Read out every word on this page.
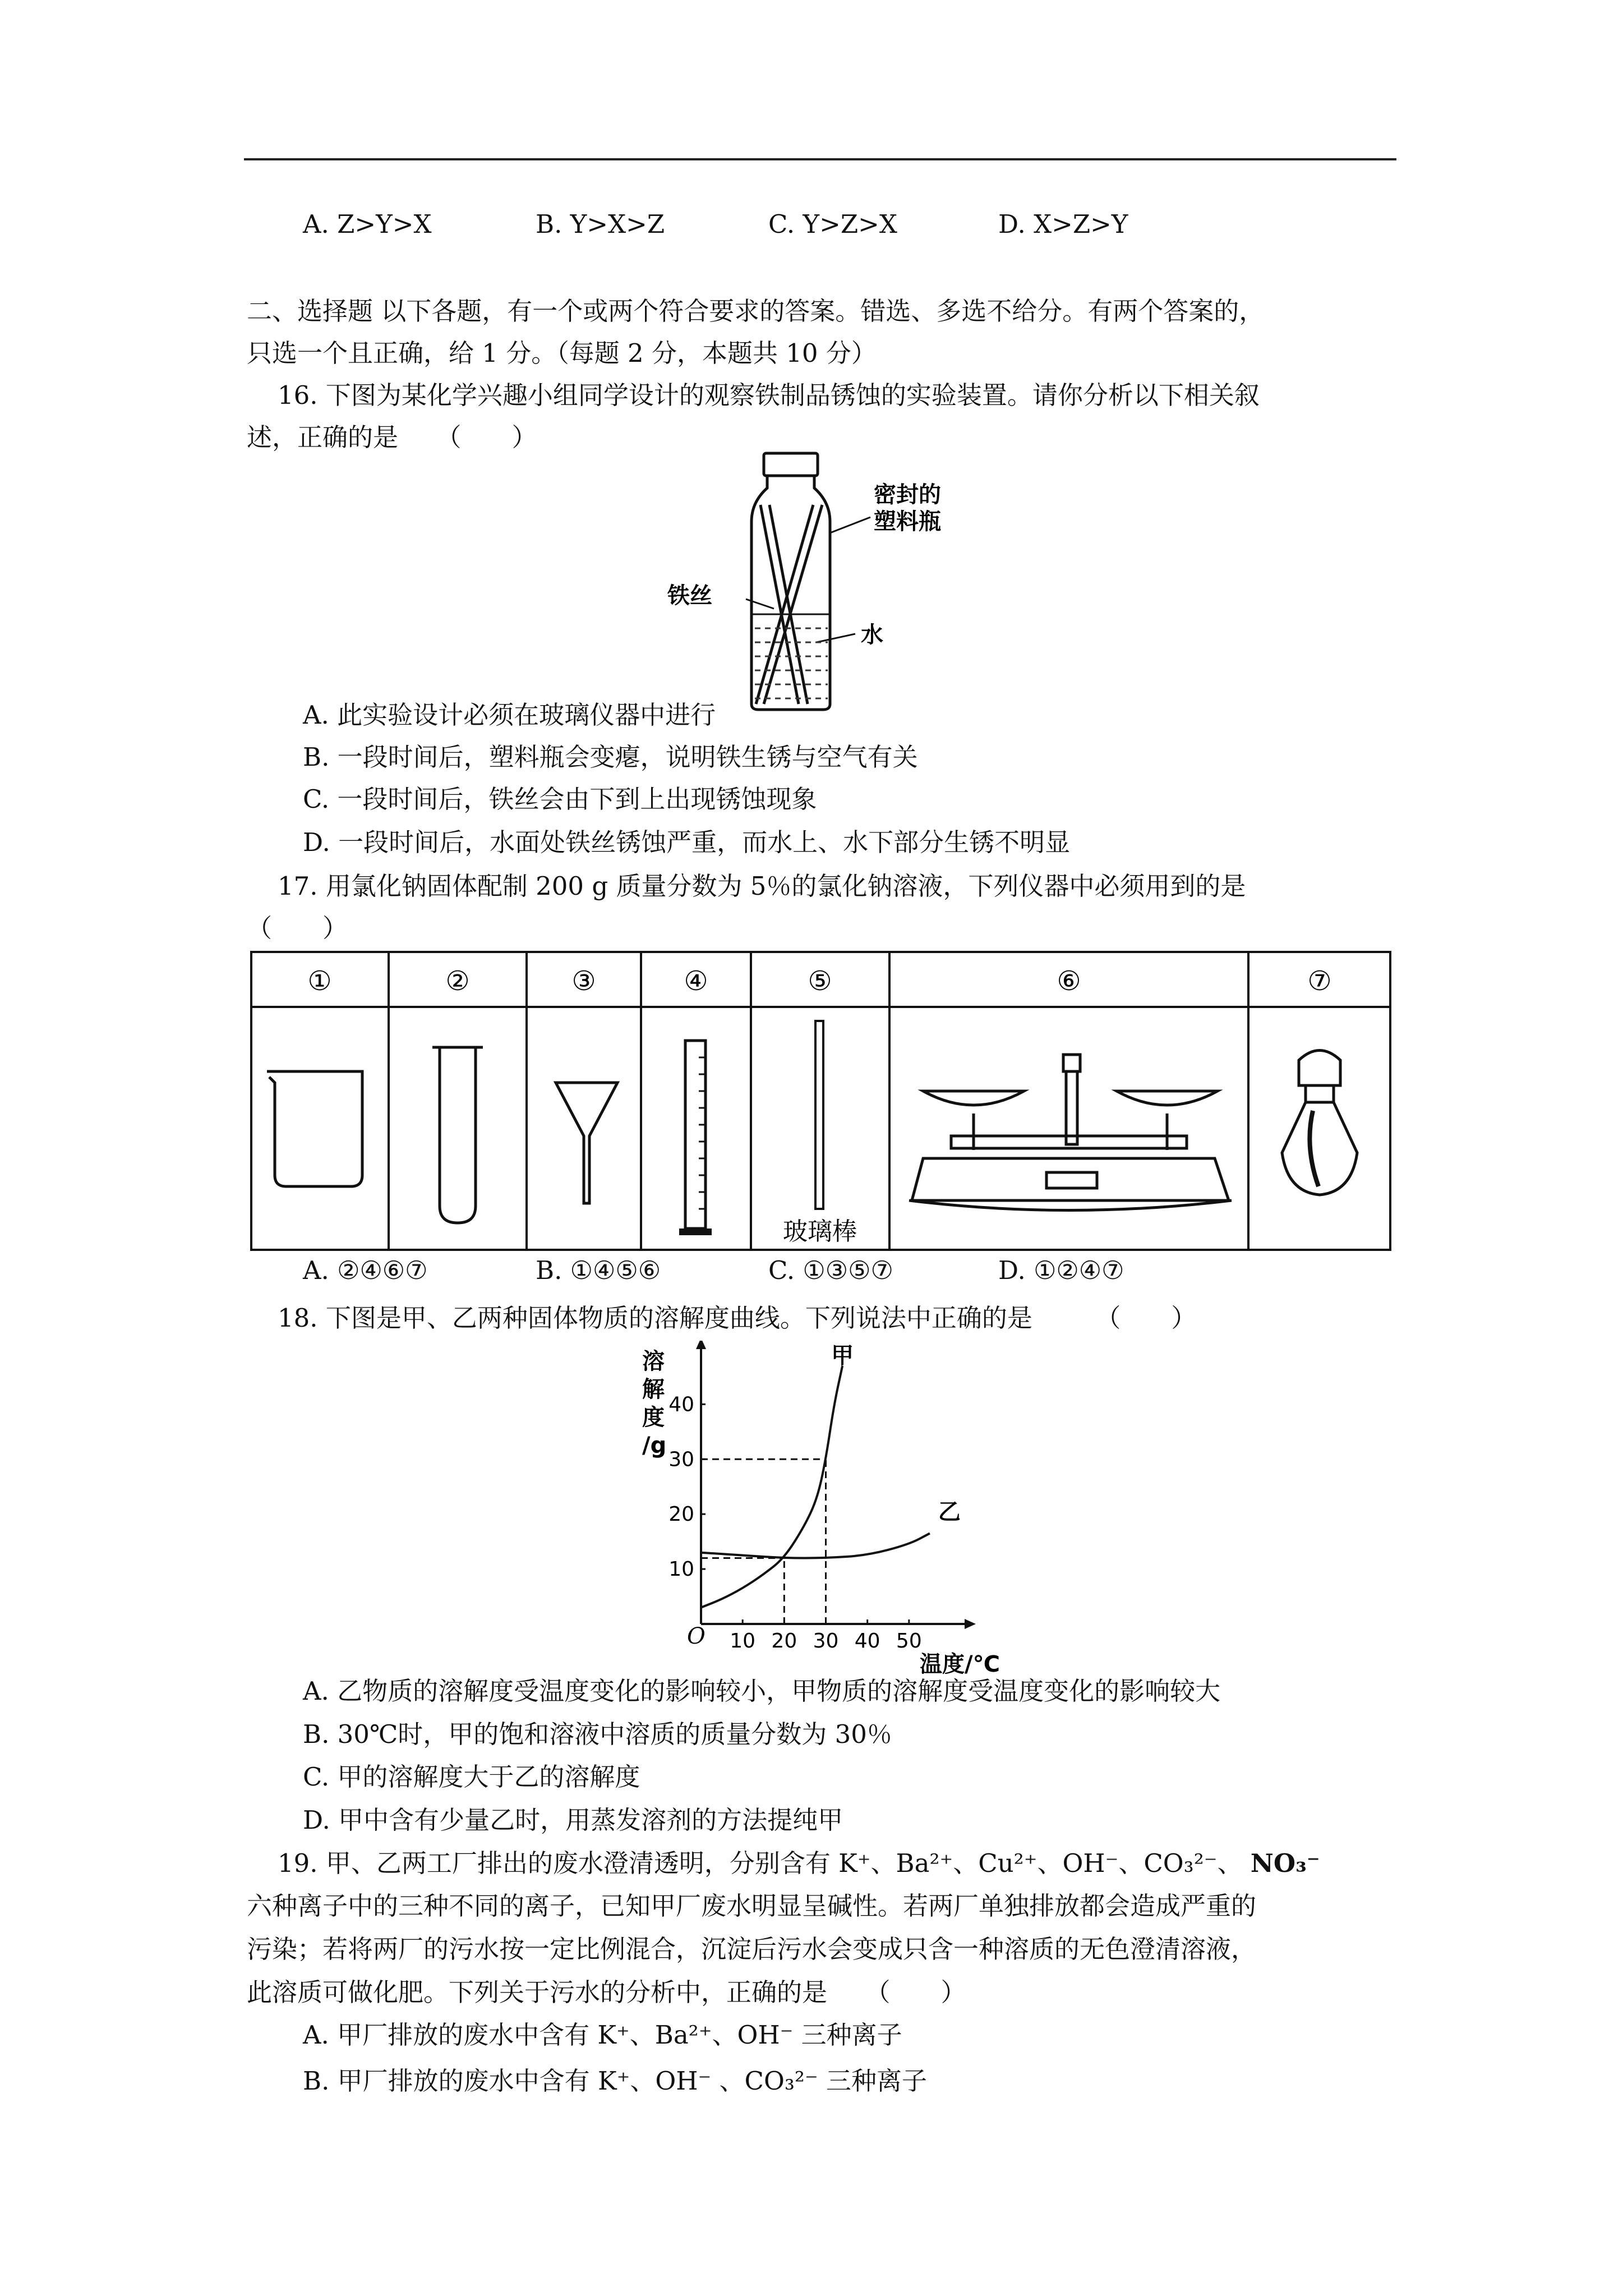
A. Z>Y>X	B. Y>X>Z	C. Y>Z>X	D. X>Z>Y
二、选择题 以下各题，有一个或两个符合要求的答案。错选、多选不给分。有两个答案的，
只选一个且正确，给 1 分。（每题 2 分，本题共 10 分）
16. 下图为某化学兴趣小组同学设计的观察铁制品锈蚀的实验装置。请你分析以下相关叙
述，正确的是　　（　　）
密封的
塑料瓶
铁丝
水
A. 此实验设计必须在玻璃仪器中进行
B. 一段时间后，塑料瓶会变瘪，说明铁生锈与空气有关
C. 一段时间后，铁丝会由下到上出现锈蚀现象
D. 一段时间后，水面处铁丝锈蚀严重，而水上、水下部分生锈不明显
17. 用氯化钠固体配制 200 g 质量分数为 5％的氯化钠溶液，下列仪器中必须用到的是
（　　）
①	②	③	④	⑤	⑥	⑦
玻璃棒
A. ②④⑥⑦	B. ①④⑤⑥	C. ①③⑤⑦	D. ①②④⑦
18. 下图是甲、乙两种固体物质的溶解度曲线。下列说法中正确的是　　　（　　）
溶
解
度
/g
温度/℃
O 10 20 30 40 50
10
20
30
40
甲
乙
A. 乙物质的溶解度受温度变化的影响较小，甲物质的溶解度受温度变化的影响较大
B. 30℃时，甲的饱和溶液中溶质的质量分数为 30％
C. 甲的溶解度大于乙的溶解度
D. 甲中含有少量乙时，用蒸发溶剂的方法提纯甲
19. 甲、乙两工厂排出的废水澄清透明，分别含有 K⁺、Ba²⁺、Cu²⁺、OH⁻、CO₃²⁻、 NO₃⁻
六种离子中的三种不同的离子，已知甲厂废水明显呈碱性。若两厂单独排放都会造成严重的
污染；若将两厂的污水按一定比例混合，沉淀后污水会变成只含一种溶质的无色澄清溶液，
此溶质可做化肥。下列关于污水的分析中，正确的是　　（　　）
A. 甲厂排放的废水中含有 K⁺、Ba²⁺、OH⁻ 三种离子
B. 甲厂排放的废水中含有 K⁺、OH⁻ 、CO₃²⁻ 三种离子
